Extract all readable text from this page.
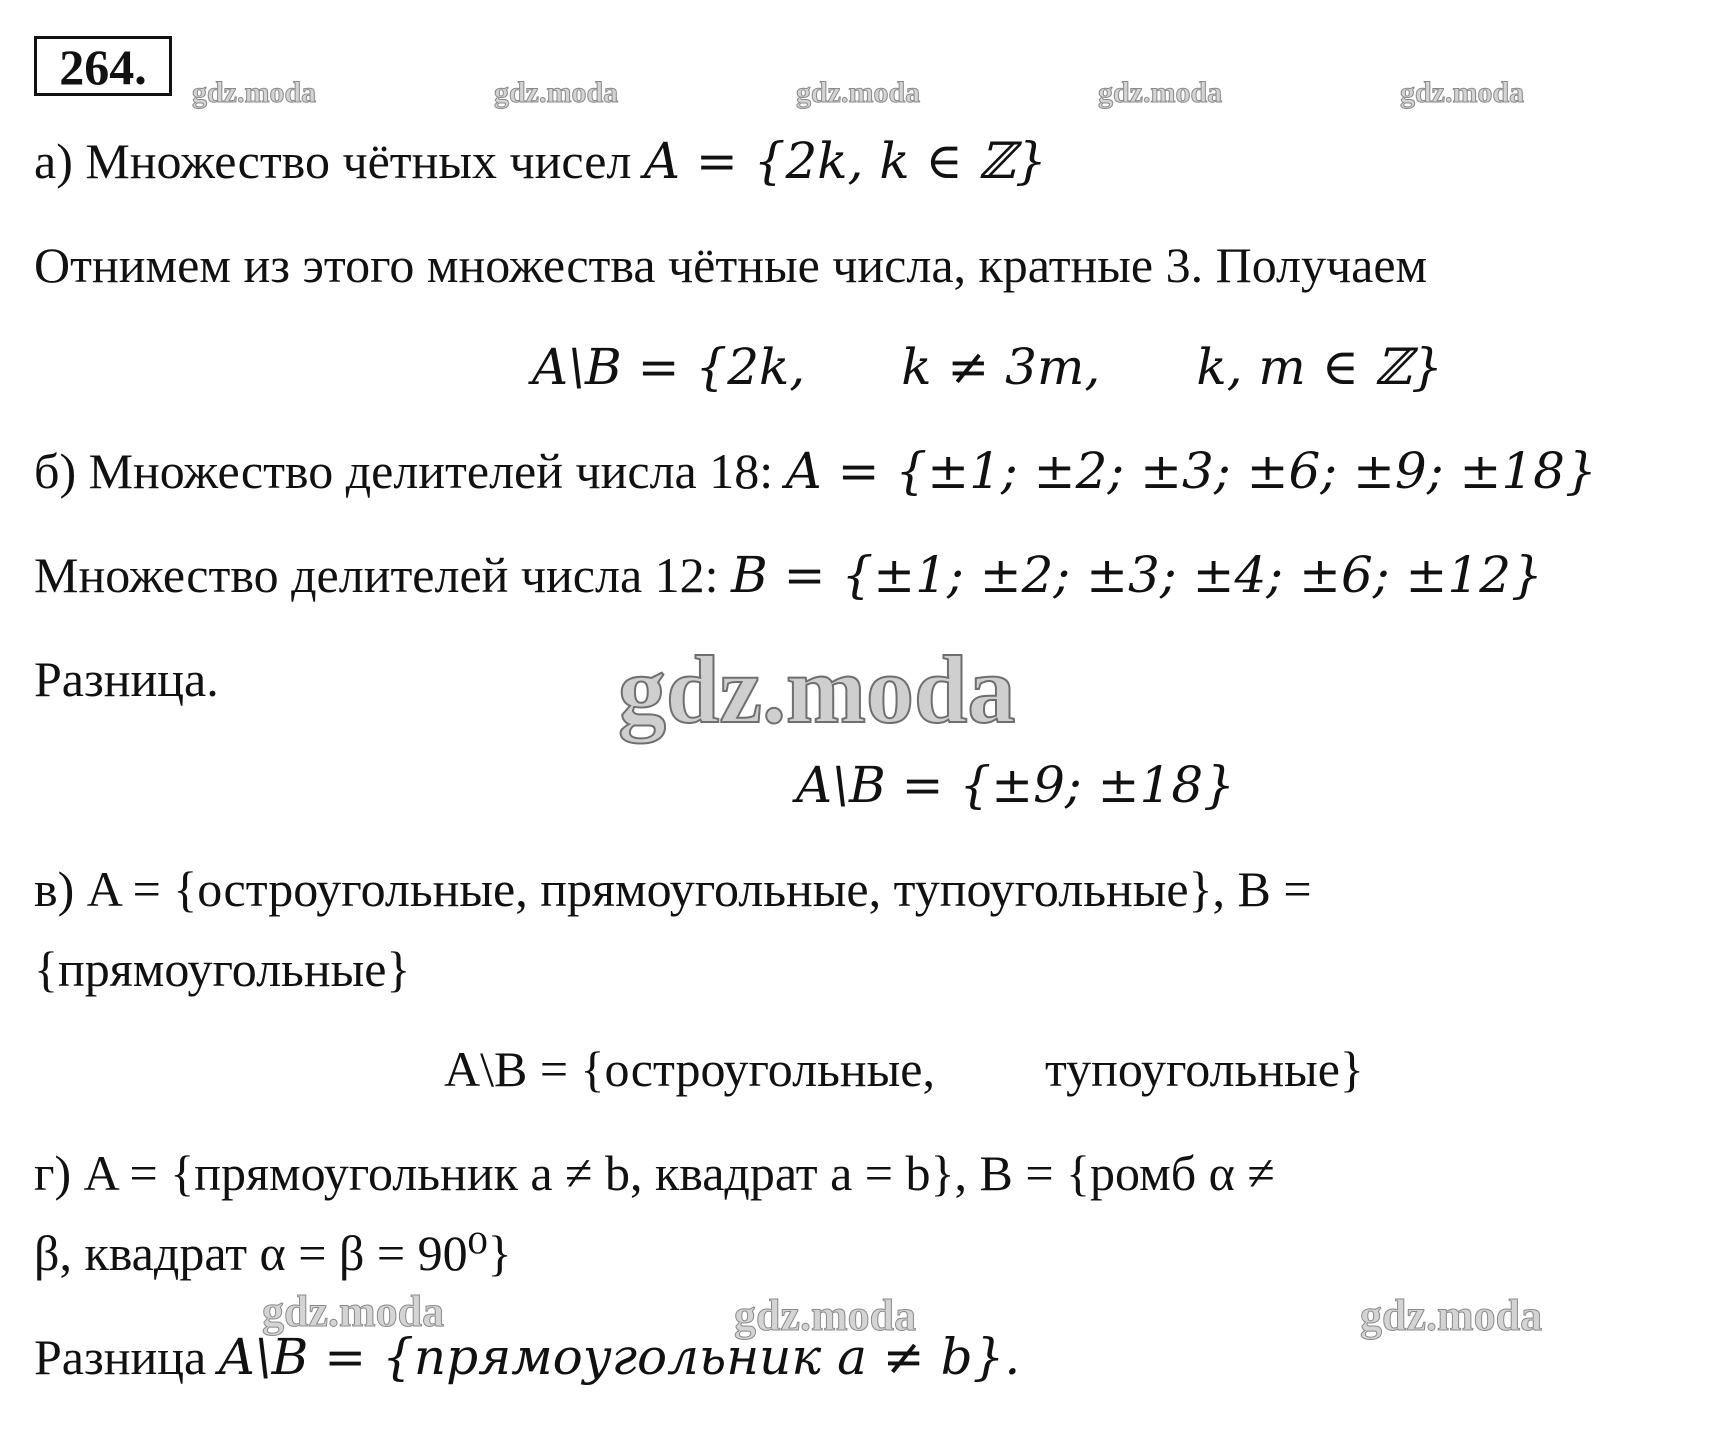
264.	gdz.moda	gdz.moda	gdz.moda	gdz.moda	gdz.moda
а) Множество чётных чисел A = {2k, k ∈ ℤ}
Отнимем из этого множества чётные числа, кратные 3. Получаем
A\B = {2k, k ≠ 3m, k, m ∈ ℤ}
б) Множество делителей числа 18: A = {±1; ±2; ±3; ±6; ±9; ±18}
Множество делителей числа 12: B = {±1; ±2; ±3; ±4; ±6; ±12}
Разница.	gdz.moda
A\B = {±9; ±18}
в) A = {остроугольные, прямоугольные, тупоугольные}, B =
{прямоугольные}
A\B = {остроугольные, тупоугольные}
г) A = {прямоугольник a ≠ b, квадрат a = b}, B = {ромб α ≠
β, квадрат α = β = 90⁰}
gdz.moda	gdz.moda	gdz.moda
Разница A\B = {прямоугольник a ≠ b}.
